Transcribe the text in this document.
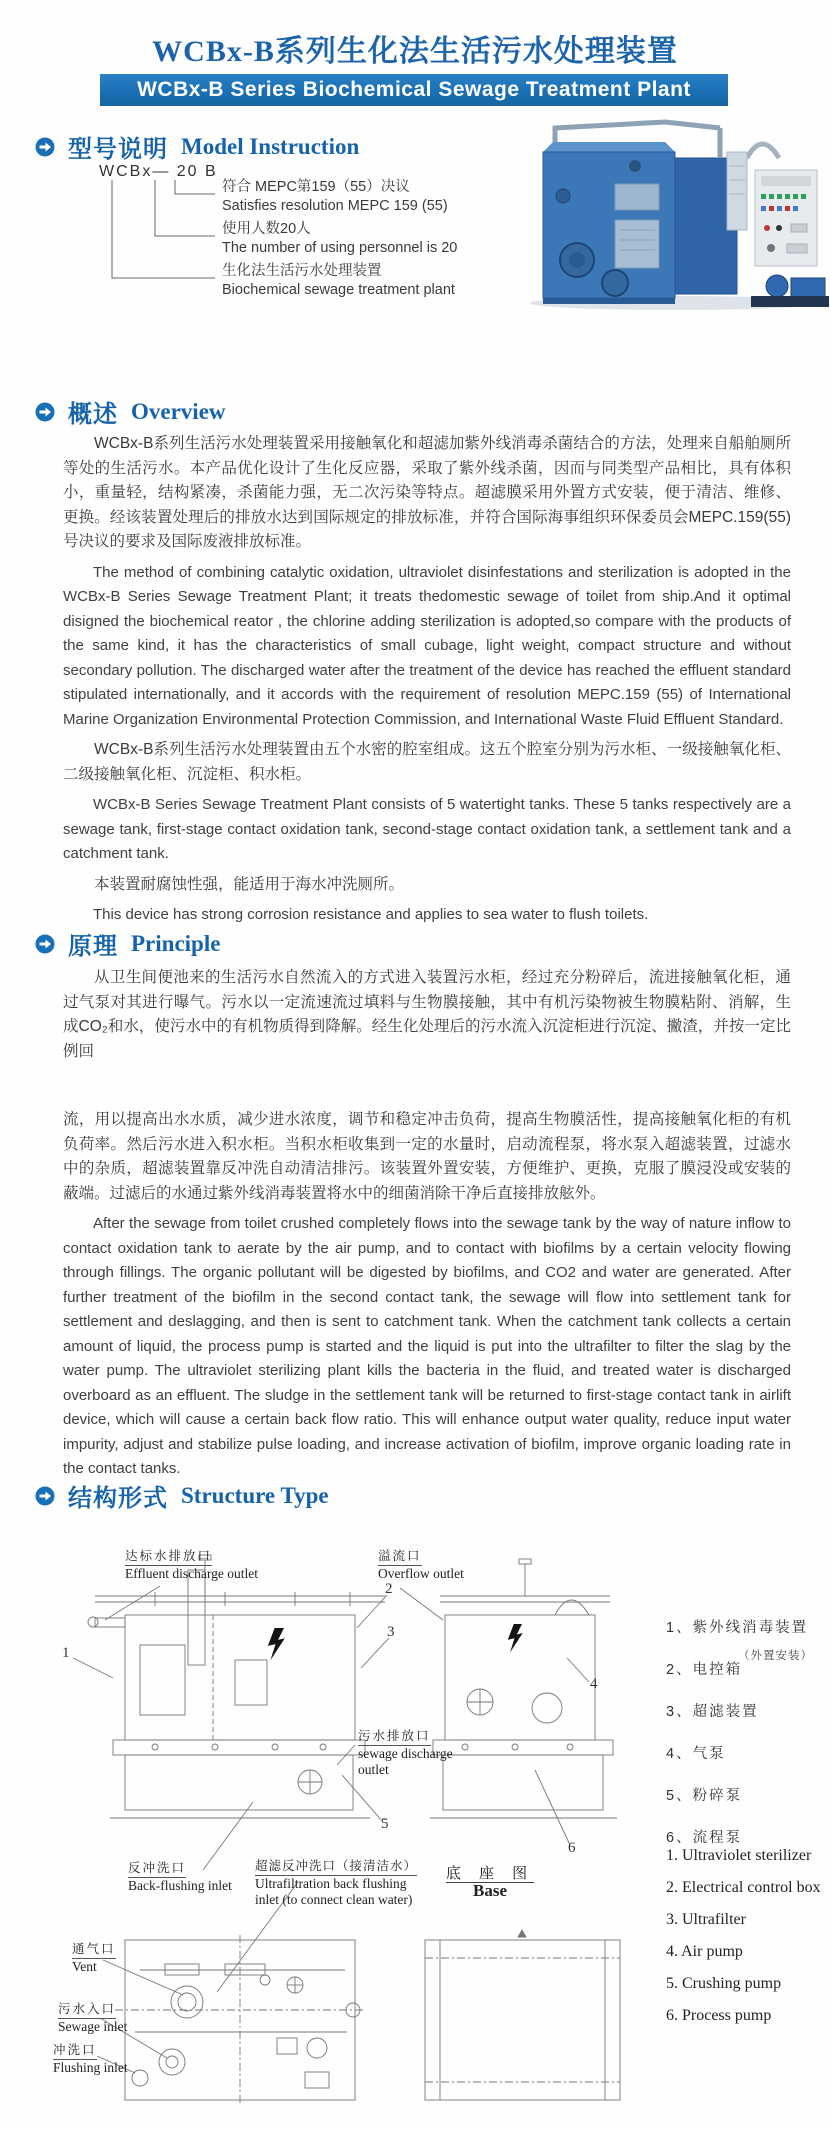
WCBx-B系列生化法生活污水处理装置
WCBx-B Series Biochemical Sewage Treatment Plant
型号说明 Model Instruction
WCBx— 20 B
符合 MEPC第159（55）决议
Satisfies resolution MEPC 159 (55)
使用人数20人
The number of using personnel is 20
生化法生活污水处理装置
Biochemical sewage treatment plant
概述 Overview

WCBx-B系列生活污水处理装置采用接触氧化和超滤加紫外线消毒杀菌结合的方法，处理来自船舶厕所等处的生活污水。本产品优化设计了生化反应器，采取了紫外线杀菌，因而与同类型产品相比，具有体积小，重量轻，结构紧凑，杀菌能力强，无二次污染等特点。超滤膜采用外置方式安装，便于清洁、维修、更换。经该装置处理后的排放水达到国际规定的排放标准，并符合国际海事组织环保委员会MEPC.159(55)号决议的要求及国际废液排放标准。

The method of combining catalytic oxidation, ultraviolet disinfestations and sterilization is adopted in the WCBx-B Series Sewage Treatment Plant; it treats thedomestic sewage of toilet from ship.And it optimal disigned the biochemical reator , the chlorine adding sterilization is adopted,so compare with the products of the same kind, it has the characteristics of small cubage, light weight, compact structure and without secondary pollution. The discharged water after the treatment of the device has reached the effluent standard stipulated internationally, and it accords with the requirement of resolution MEPC.159 (55) of International Marine Organization Environmental Protection Commission, and International Waste Fluid Effluent Standard.

WCBx-B系列生活污水处理装置由五个水密的腔室组成。这五个腔室分别为污水柜、一级接触氧化柜、二级接触氧化柜、沉淀柜、积水柜。

WCBx-B Series Sewage Treatment Plant consists of 5 watertight tanks. These 5 tanks respectively are a sewage tank, first-stage contact oxidation tank, second-stage contact oxidation tank, a settlement tank and a catchment tank.

本装置耐腐蚀性强，能适用于海水冲洗厕所。

This device has strong corrosion resistance and applies to sea water to flush toilets.

原理 Principle

从卫生间便池来的生活污水自然流入的方式进入装置污水柜，经过充分粉碎后，流进接触氧化柜，通过气泵对其进行曝气。污水以一定流速流过填料与生物膜接触，其中有机污染物被生物膜粘附、消解，生成CO₂和水，使污水中的有机物质得到降解。经生化处理后的污水流入沉淀柜进行沉淀、撇渣，并按一定比例回

流，用以提高出水水质，减少进水浓度，调节和稳定冲击负荷，提高生物膜活性，提高接触氧化柜的有机负荷率。然后污水进入积水柜。当积水柜收集到一定的水量时，启动流程泵，将水泵入超滤装置，过滤水中的杂质，超滤装置靠反冲洗自动清洁排污。该装置外置安装，方便维护、更换，克服了膜浸没或安装的蔽端。过滤后的水通过紫外线消毒装置将水中的细菌消除干净后直接排放舷外。

After the sewage from toilet crushed completely flows into the sewage tank by the way of nature inflow to contact oxidation tank to aerate by the air pump, and to contact with biofilms by a certain velocity flowing through fillings. The organic pollutant will be digested by biofilms, and CO2 and water are generated. After further treatment of the biofilm in the second contact tank, the sewage will flow into settlement tank for settlement and deslagging, and then is sent to catchment tank. When the catchment tank collects a certain amount of liquid, the process pump is started and the liquid is put into the ultrafilter to filter the slag by the water pump. The ultraviolet sterilizing plant kills the bacteria in the fluid, and treated water is discharged overboard as an effluent. The sludge in the settlement tank will be returned to first-stage contact tank in airlift device, which will cause a certain back flow ratio. This will enhance output water quality, reduce input water impurity, adjust and stabilize pulse loading, and increase activation of biofilm, improve organic loading rate in the contact tanks.

结构形式 Structure Type
达标水排放口
Effluent discharge outlet
溢流口
Overflow outlet
污水排放口
sewage discharge
outlet
反冲洗口
Back-flushing inlet
超滤反冲洗口（接清洁水）
Ultrafiltration back flushing
inlet (to connect clean water)
底 座 图
Base
通气口
Vent
污水入口
Sewage inlet
冲洗口
Flushing inlet
1
2
3
4
5
6
1、紫外线消毒装置
2、电控箱
3、超滤装置
4、气泵
5、粉碎泵
6、流程泵
（外置安装）
1. Ultraviolet sterilizer
2. Electrical control box
3. Ultrafilter
4. Air pump
5. Crushing pump
6. Process pump
